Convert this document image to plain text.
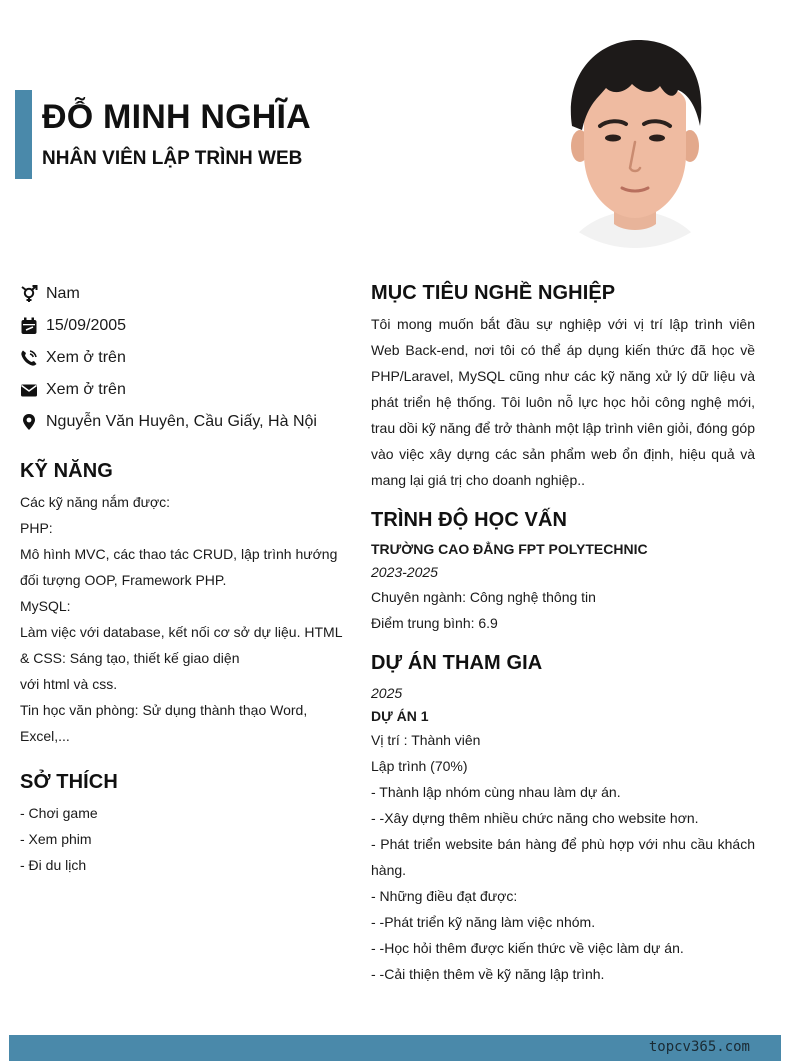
ĐỖ MINH NGHĨA
NHÂN VIÊN LẬP TRÌNH WEB
Nam
15/09/2005
Xem ở trên
Xem ở trên
Nguyễn Văn Huyên, Cầu Giấy, Hà Nội
KỸ NĂNG
Các kỹ năng nắm được:
PHP:
Mô hình MVC, các thao tác CRUD, lập trình hướng đối tượng OOP, Framework PHP.
MySQL:
Làm việc với database, kết nối cơ sở dự liệu. HTML & CSS: Sáng tạo, thiết kế giao diện
với html và css.
Tin học văn phòng: Sử dụng thành thạo Word, Excel,...
SỞ THÍCH
- Chơi game
- Xem phim
- Đi du lịch
MỤC TIÊU NGHỀ NGHIỆP
Tôi mong muốn bắt đầu sự nghiệp với vị trí lập trình viên Web Back-end, nơi tôi có thể áp dụng kiến thức đã học về PHP/Laravel, MySQL cũng như các kỹ năng xử lý dữ liệu và phát triển hệ thống. Tôi luôn nỗ lực học hỏi công nghệ mới, trau dồi kỹ năng để trở thành một lập trình viên giỏi, đóng góp vào việc xây dựng các sản phẩm web ổn định, hiệu quả và mang lại giá trị cho doanh nghiệp..
TRÌNH ĐỘ HỌC VẤN
TRƯỜNG CAO ĐẲNG FPT POLYTECHNIC
2023-2025
Chuyên ngành: Công nghệ thông tin
Điểm trung bình: 6.9
DỰ ÁN THAM GIA
2025
DỰ ÁN 1
Vị trí : Thành viên
Lập trình (70%)
- Thành lập nhóm cùng nhau làm dự án.
- -Xây dựng thêm nhiều chức năng cho website hơn.
- Phát triển website bán hàng để phù hợp với nhu cầu khách hàng.
- Những điều đạt được:
- -Phát triển kỹ năng làm việc nhóm.
- -Học hỏi thêm được kiến thức về việc làm dự án.
- -Cải thiện thêm về kỹ năng lập trình.
topcv365.com
